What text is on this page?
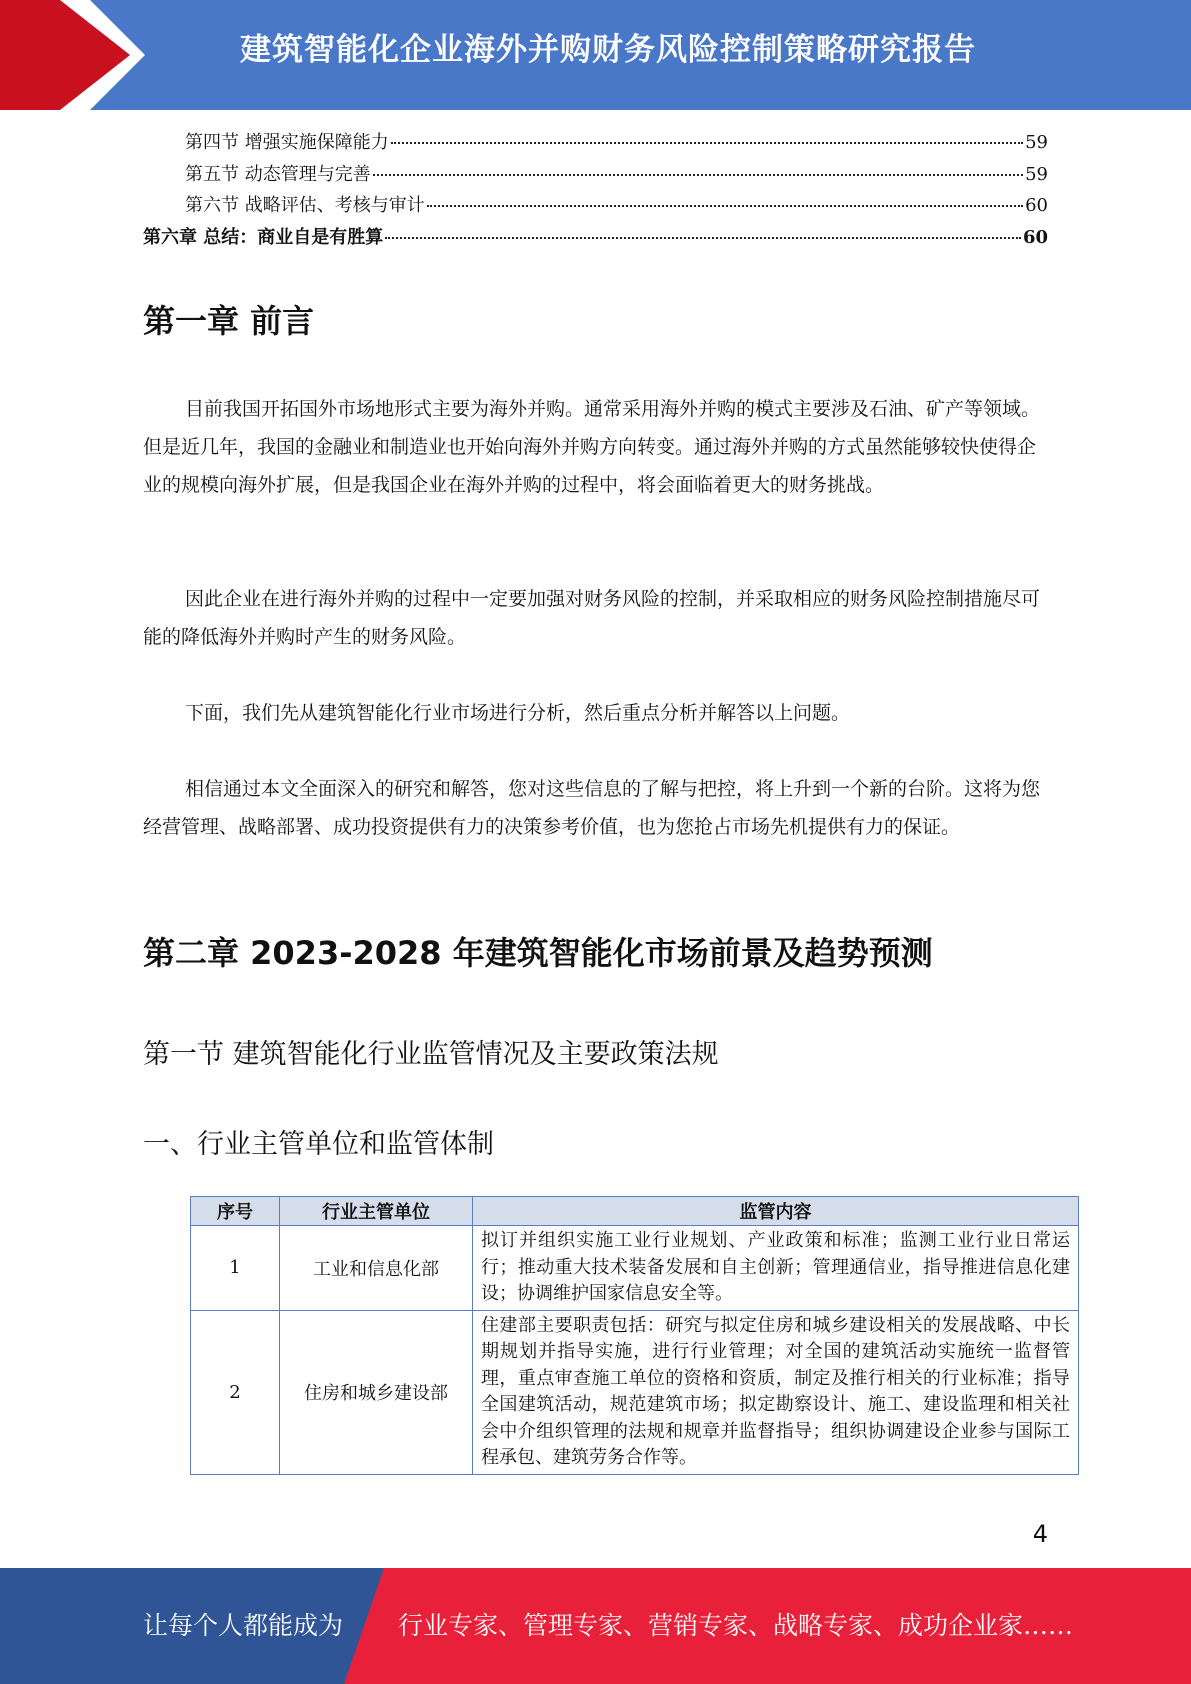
建筑智能化企业海外并购财务风险控制策略研究报告
第四节 增强实施保障能力	59
第五节 动态管理与完善	59
第六节 战略评估、考核与审计	60
第六章 总结：商业自是有胜算	60
第一章 前言

目前我国开拓国外市场地形式主要为海外并购。通常采用海外并购的模式主要涉及石油、矿产等领域。但是近几年，我国的金融业和制造业也开始向海外并购方向转变。通过海外并购的方式虽然能够较快使得企业的规模向海外扩展，但是我国企业在海外并购的过程中，将会面临着更大的财务挑战。

因此企业在进行海外并购的过程中一定要加强对财务风险的控制，并采取相应的财务风险控制措施尽可能的降低海外并购时产生的财务风险。

下面，我们先从建筑智能化行业市场进行分析，然后重点分析并解答以上问题。

相信通过本文全面深入的研究和解答，您对这些信息的了解与把控，将上升到一个新的台阶。这将为您经营管理、战略部署、成功投资提供有力的决策参考价值，也为您抢占市场先机提供有力的保证。

第二章 2023-2028 年建筑智能化市场前景及趋势预测
第一节 建筑智能化行业监管情况及主要政策法规
一、行业主管单位和监管体制
序号	行业主管单位	监管内容
1	工业和信息化部	拟订并组织实施工业行业规划、产业政策和标准；监测工业行业日常运行；推动重大技术装备发展和自主创新；管理通信业，指导推进信息化建设；协调维护国家信息安全等。
2	住房和城乡建设部	住建部主要职责包括：研究与拟定住房和城乡建设相关的发展战略、中长期规划并指导实施，进行行业管理；对全国的建筑活动实施统一监督管理，重点审查施工单位的资格和资质，制定及推行相关的行业标准；指导全国建筑活动，规范建筑市场；拟定勘察设计、施工、建设监理和相关社会中介组织管理的法规和规章并监督指导；组织协调建设企业参与国际工程承包、建筑劳务合作等。
4
让每个人都能成为 行业专家、管理专家、营销专家、战略专家、成功企业家……
